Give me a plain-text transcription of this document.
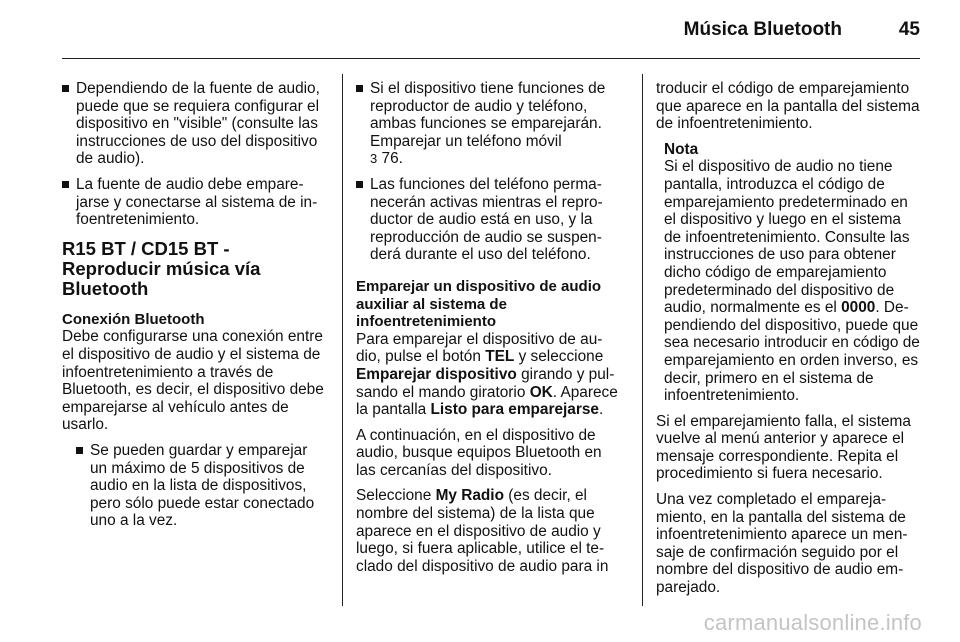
Música Bluetooth	45
Dependiendo de la fuente de audio, puede que se requiera configurar el dispositivo en "visible" (consulte las instrucciones de uso del dispositivo de audio).
La fuente de audio debe emparejarse y conectarse al sistema de infoentretenimiento.
R15 BT / CD15 BT - Reproducir música vía Bluetooth
Conexión Bluetooth

Debe configurarse una conexión entre el dispositivo de audio y el sistema de infoentretenimiento a través de Bluetooth, es decir, el dispositivo debe emparejarse al vehículo antes de usarlo.

Se pueden guardar y emparejar un máximo de 5 dispositivos de audio en la lista de dispositivos, pero sólo puede estar conectado uno a la vez.
Si el dispositivo tiene funciones de reproductor de audio y teléfono, ambas funciones se emparejarán. Emparejar un teléfono móvil
3 76.
Las funciones del teléfono permanecerán activas mientras el reproductor de audio está en uso, y la reproducción de audio se suspenderá durante el uso del teléfono.
Emparejar un dispositivo de audio auxiliar al sistema de infoentretenimiento

Para emparejar el dispositivo de audio, pulse el botón TEL y seleccione Emparejar dispositivo girando y pulsando el mando giratorio OK. Aparece la pantalla Listo para emparejarse.

A continuación, en el dispositivo de audio, busque equipos Bluetooth en las cercanías del dispositivo.

Seleccione My Radio (es decir, el nombre del sistema) de la lista que aparece en el dispositivo de audio y luego, si fuera aplicable, utilice el teclado del dispositivo de audio para in

troducir el código de emparejamiento que aparece en la pantalla del sistema de infoentretenimiento.

Nota
Si el dispositivo de audio no tiene pantalla, introduzca el código de emparejamiento predeterminado en el dispositivo y luego en el sistema de infoentretenimiento. Consulte las instrucciones de uso para obtener dicho código de emparejamiento predeterminado del dispositivo de audio, normalmente es el 0000. Dependiendo del dispositivo, puede que sea necesario introducir en código de emparejamiento en orden inverso, es decir, primero en el sistema de infoentretenimiento.

Si el emparejamiento falla, el sistema vuelve al menú anterior y aparece el mensaje correspondiente. Repita el procedimiento si fuera necesario.

Una vez completado el emparejamiento, en la pantalla del sistema de infoentretenimiento aparece un mensaje de confirmación seguido por el nombre del dispositivo de audio emparejado.

carmanualsonline.info
